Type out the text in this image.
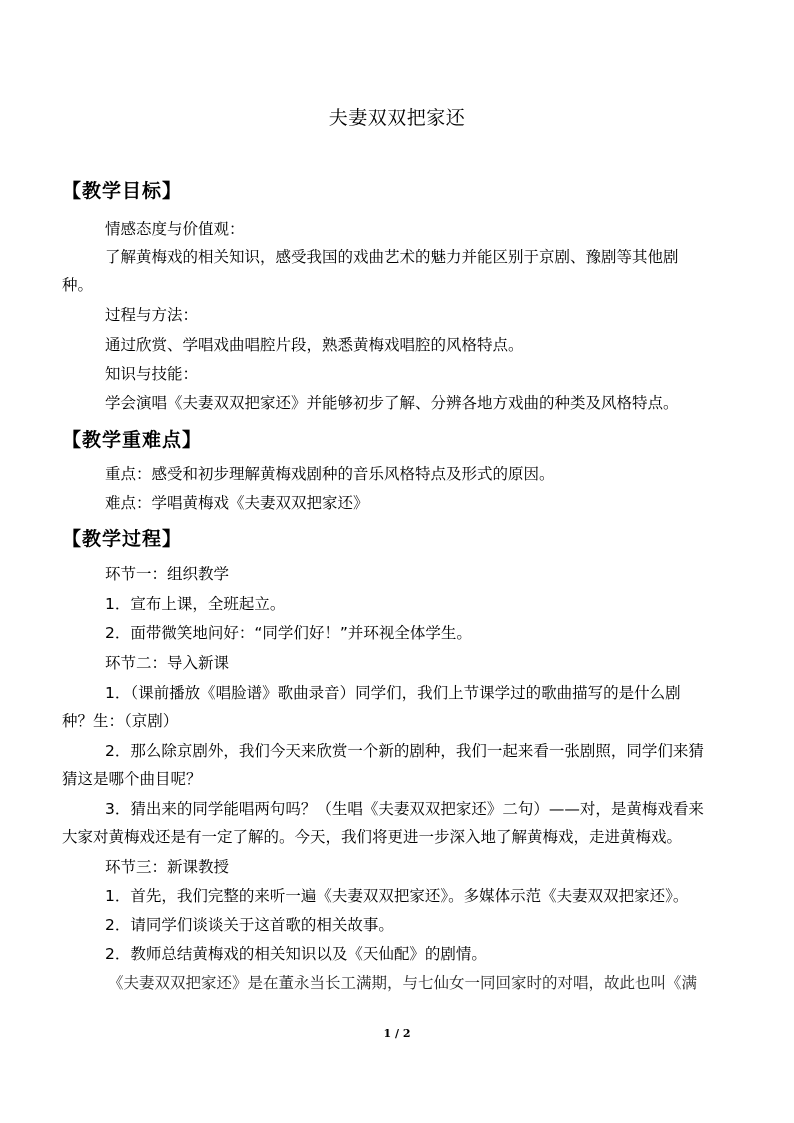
夫妻双双把家还
【教学目标】
情感态度与价值观：
了解黄梅戏的相关知识，感受我国的戏曲艺术的魅力并能区别于京剧、豫剧等其他剧
种。
过程与方法：
通过欣赏、学唱戏曲唱腔片段，熟悉黄梅戏唱腔的风格特点。
知识与技能：
学会演唱《夫妻双双把家还》并能够初步了解、分辨各地方戏曲的种类及风格特点。
【教学重难点】
重点：感受和初步理解黄梅戏剧种的音乐风格特点及形式的原因。
难点：学唱黄梅戏《夫妻双双把家还》
【教学过程】
环节一：组织教学
1．宣布上课，全班起立。
2．面带微笑地问好：“同学们好！”并环视全体学生。
环节二：导入新课
1．（课前播放《唱脸谱》歌曲录音）同学们，我们上节课学过的歌曲描写的是什么剧
种？生：（京剧）
2．那么除京剧外，我们今天来欣赏一个新的剧种，我们一起来看一张剧照，同学们来猜
猜这是哪个曲目呢？
3．猜出来的同学能唱两句吗？（生唱《夫妻双双把家还》二句）——对，是黄梅戏看来
大家对黄梅戏还是有一定了解的。今天，我们将更进一步深入地了解黄梅戏，走进黄梅戏。
环节三：新课教授
1．首先，我们完整的来听一遍《夫妻双双把家还》。多媒体示范《夫妻双双把家还》。
2．请同学们谈谈关于这首歌的相关故事。
2．教师总结黄梅戏的相关知识以及《天仙配》的剧情。
《夫妻双双把家还》是在董永当长工满期，与七仙女一同回家时的对唱，故此也叫《满
1 / 2
